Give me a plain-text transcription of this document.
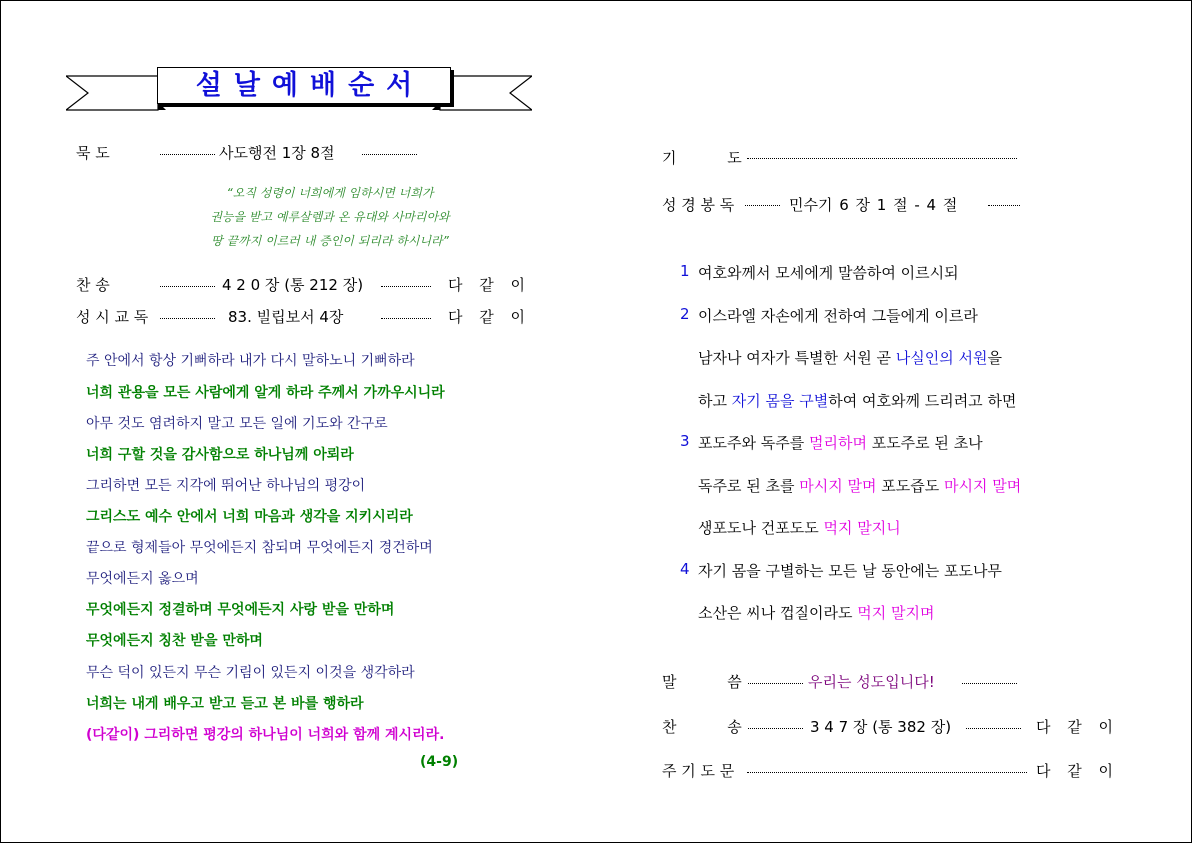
설날예배순서
묵 도	사도행전 1장 8절
“오직 성령이 너희에게 임하시면 너희가
권능을 받고 예루살렘과 온 유대와 사마리아와
땅 끝까지 이르러 내 증인이 되리라 하시니라”
찬 송	4 2 0 장 (통 212 장)	다 같 이
성 시 교 독	83. 빌립보서 4장	다 같 이
주 안에서 항상 기뻐하라 내가 다시 말하노니 기뻐하라
너희 관용을 모든 사람에게 알게 하라 주께서 가까우시니라
아무 것도 염려하지 말고 모든 일에 기도와 간구로
너희 구할 것을 감사함으로 하나님께 아뢰라
그리하면 모든 지각에 뛰어난 하나님의 평강이
그리스도 예수 안에서 너희 마음과 생각을 지키시리라
끝으로 형제들아 무엇에든지 참되며 무엇에든지 경건하며
무엇에든지 옳으며
무엇에든지 정결하며 무엇에든지 사랑 받을 만하며
무엇에든지 칭찬 받을 만하며
무슨 덕이 있든지 무슨 기림이 있든지 이것을 생각하라
너희는 내게 배우고 받고 듣고 본 바를 행하라
(다같이) 그리하면 평강의 하나님이 너희와 함께 계시리라.
(4-9)
기 도
성 경 봉 독	민수기 6 장 1 절 - 4 절
1 여호와께서 모세에게 말씀하여 이르시되
2 이스라엘 자손에게 전하여 그들에게 이르라
남자나 여자가 특별한 서원 곧 나실인의 서원을
하고 자기 몸을 구별하여 여호와께 드리려고 하면
3 포도주와 독주를 멀리하며 포도주로 된 초나
독주로 된 초를 마시지 말며 포도즙도 마시지 말며
생포도나 건포도도 먹지 말지니
4 자기 몸을 구별하는 모든 날 동안에는 포도나무
소산은 씨나 껍질이라도 먹지 말지며
말 씀	우리는 성도입니다!
찬 송	3 4 7 장 (통 382 장)	다 같 이
주 기 도 문	다 같 이
